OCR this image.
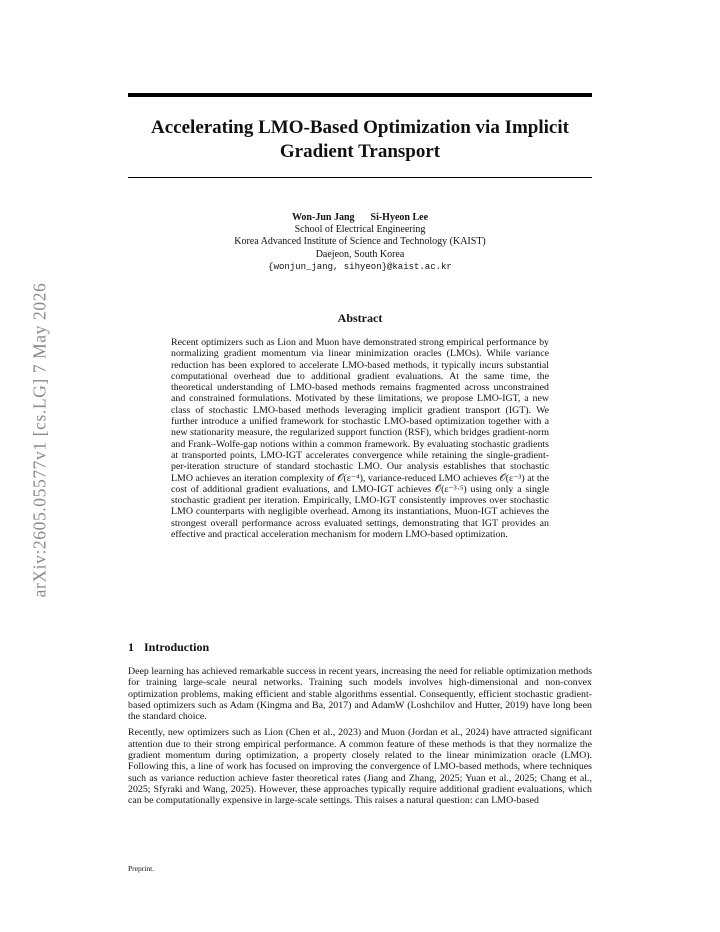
arXiv:2605.05577v1 [cs.LG] 7 May 2026
Accelerating LMO-Based Optimization via Implicit Gradient Transport
Won-Jun Jang Si-Hyeon Lee
School of Electrical Engineering
Korea Advanced Institute of Science and Technology (KAIST)
Daejeon, South Korea
{wonjun_jang, sihyeon}@kaist.ac.kr
Abstract
Recent optimizers such as Lion and Muon have demonstrated strong empirical performance by normalizing gradient momentum via linear minimization oracles (LMOs). While variance reduction has been explored to accelerate LMO-based methods, it typically incurs substantial computational overhead due to additional gradient evaluations. At the same time, the theoretical understanding of LMO-based methods remains fragmented across unconstrained and constrained formulations. Motivated by these limitations, we propose LMO-IGT, a new class of stochastic LMO-based methods leveraging implicit gradient transport (IGT). We further introduce a unified framework for stochastic LMO-based optimization together with a new stationarity measure, the regularized support function (RSF), which bridges gradient-norm and Frank–Wolfe-gap notions within a common framework. By evaluating stochastic gradients at transported points, LMO-IGT accelerates convergence while retaining the single-gradient-per-iteration structure of standard stochastic LMO. Our analysis establishes that stochastic LMO achieves an iteration complexity of 𝒪(ε⁻⁴), variance-reduced LMO achieves 𝒪(ε⁻³) at the cost of additional gradient evaluations, and LMO-IGT achieves 𝒪(ε⁻³·⁵) using only a single stochastic gradient per iteration. Empirically, LMO-IGT consistently improves over stochastic LMO counterparts with negligible overhead. Among its instantiations, Muon-IGT achieves the strongest overall performance across evaluated settings, demonstrating that IGT provides an effective and practical acceleration mechanism for modern LMO-based optimization.
1 Introduction

Deep learning has achieved remarkable success in recent years, increasing the need for reliable optimization methods for training large-scale neural networks. Training such models involves high-dimensional and non-convex optimization problems, making efficient and stable algorithms essential. Consequently, efficient stochastic gradient-based optimizers such as Adam (Kingma and Ba, 2017) and AdamW (Loshchilov and Hutter, 2019) have long been the standard choice.

Recently, new optimizers such as Lion (Chen et al., 2023) and Muon (Jordan et al., 2024) have attracted significant attention due to their strong empirical performance. A common feature of these methods is that they normalize the gradient momentum during optimization, a property closely related to the linear minimization oracle (LMO). Following this, a line of work has focused on improving the convergence of LMO-based methods, where techniques such as variance reduction achieve faster theoretical rates (Jiang and Zhang, 2025; Yuan et al., 2025; Chang et al., 2025; Sfyraki and Wang, 2025). However, these approaches typically require additional gradient evaluations, which can be computationally expensive in large-scale settings. This raises a natural question: can LMO-based

Preprint.
